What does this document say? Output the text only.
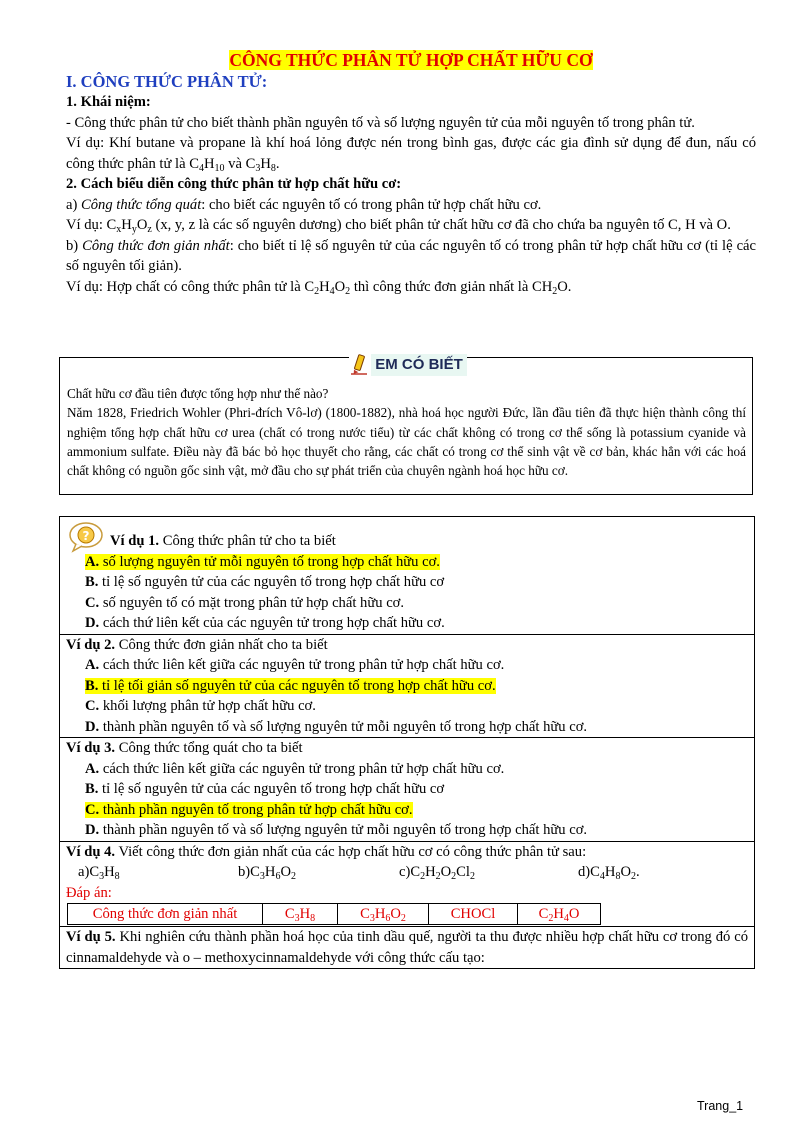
CÔNG THỨC PHÂN TỬ HỢP CHẤT HỮU CƠ
I. CÔNG THỨC PHÂN TỬ:
1. Khái niệm:

- Công thức phân tử cho biết thành phần nguyên tố và số lượng nguyên tử của mỗi nguyên tố trong phân tử.

Ví dụ: Khí butane và propane là khí hoá lỏng được nén trong bình gas, được các gia đình sử dụng để đun, nấu có công thức phân tử là $C_4H_{10}$ và $C_3H_8$.

2. Cách biểu diễn công thức phân tử hợp chất hữu cơ:

a) Công thức tổng quát: cho biết các nguyên tố có trong phân tử hợp chất hữu cơ.

Ví dụ: $C_xH_yO_z$ (x, y, z là các số nguyên dương) cho biết phân tử chất hữu cơ đã cho chứa ba nguyên tố C, H và O.

b) Công thức đơn giản nhất: cho biết tỉ lệ số nguyên tử của các nguyên tố có trong phân tử hợp chất hữu cơ (tỉ lệ các số nguyên tối giản).

Ví dụ: Hợp chất có công thức phân tử là $C_2H_4O_2$ thì công thức đơn giản nhất là $CH_2O$.

EM CÓ BIẾT

Chất hữu cơ đầu tiên được tổng hợp như thế nào?

Năm 1828, Friedrich Wohler (Phri-đrích Vô-lơ) (1800-1882), nhà hoá học người Đức, lần đầu tiên đã thực hiện thành công thí nghiệm tổng hợp chất hữu cơ urea (chất có trong nước tiểu) từ các chất không có trong cơ thể sống là potassium cyanide và ammonium sulfate. Điều này đã bác bỏ học thuyết cho rằng, các chất có trong cơ thể sinh vật về cơ bản, khác hẳn với các hoá chất không có nguồn gốc sinh vật, mở đầu cho sự phát triển của chuyên ngành hoá học hữu cơ.

?	Ví dụ 1. Công thức phân tử cho ta biết
A. số lượng nguyên tử mỗi nguyên tố trong hợp chất hữu cơ.
B. tỉ lệ số nguyên tử của các nguyên tố trong hợp chất hữu cơ
C. số nguyên tố có mặt trong phân tử hợp chất hữu cơ.
D. cách thứ liên kết của các nguyên tử trong hợp chất hữu cơ.

Ví dụ 2. Công thức đơn giản nhất cho ta biết
A. cách thức liên kết giữa các nguyên tử trong phân tử hợp chất hữu cơ.
B. tỉ lệ tối giản số nguyên tử của các nguyên tố trong hợp chất hữu cơ.
C. khối lượng phân tử hợp chất hữu cơ.
D. thành phần nguyên tố và số lượng nguyên tử mỗi nguyên tố trong hợp chất hữu cơ.

Ví dụ 3. Công thức tổng quát cho ta biết
A. cách thức liên kết giữa các nguyên tử trong phân tử hợp chất hữu cơ.
B. tỉ lệ số nguyên tử của các nguyên tố trong hợp chất hữu cơ
C. thành phần nguyên tố trong phân tử hợp chất hữu cơ.
D. thành phần nguyên tố và số lượng nguyên tử mỗi nguyên tố trong hợp chất hữu cơ.

Ví dụ 4. Viết công thức đơn giản nhất của các hợp chất hữu cơ có công thức phân tử sau:
$a)C_3H_8$	$b)C_3H_6O_2$	$c)C_2H_2O_2Cl_2$	$d)C_4H_8O_2$.
Đáp án:
Công thức đơn giản nhất	$C_3H_8$	$C_3H_6O_2$	CHOCl	$C_2H_4O$

Ví dụ 5. Khi nghiên cứu thành phần hoá học của tinh dầu quế, người ta thu được nhiều hợp chất hữu cơ trong đó có cinnamaldehyde và o – methoxycinnamaldehyde với công thức cấu tạo:

Trang_1
